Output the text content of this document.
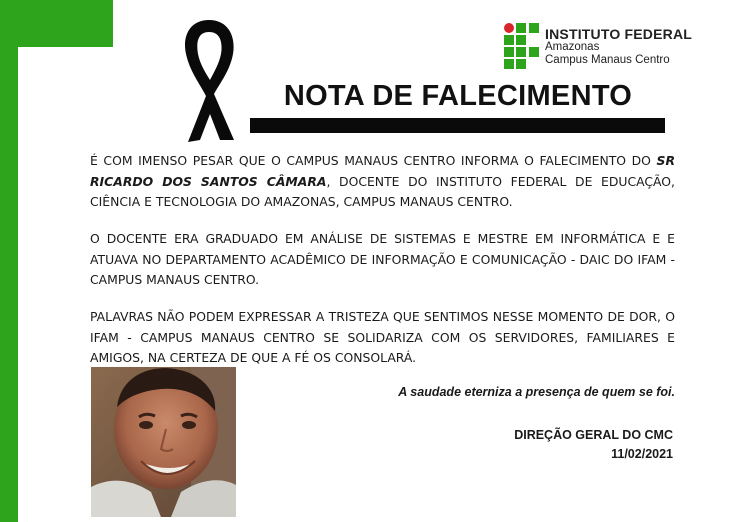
INSTITUTO FEDERAL
Amazonas
Campus Manaus Centro
NOTA DE FALECIMENTO
É COM IMENSO PESAR QUE O CAMPUS MANAUS CENTRO INFORMA O FALECIMENTO DO SR RICARDO DOS SANTOS CÂMARA, DOCENTE DO INSTITUTO FEDERAL DE EDUCAÇÃO, CIÊNCIA E TECNOLOGIA DO AMAZONAS, CAMPUS MANAUS CENTRO.
O DOCENTE ERA GRADUADO EM ANÁLISE DE SISTEMAS E MESTRE EM INFORMÁTICA E E ATUAVA NO DEPARTAMENTO ACADÊMICO DE INFORMAÇÃO E COMUNICAÇÃO - DAIC DO IFAM - CAMPUS MANAUS CENTRO.
PALAVRAS NÃO PODEM EXPRESSAR A TRISTEZA QUE SENTIMOS NESSE MOMENTO DE DOR, O IFAM - CAMPUS MANAUS CENTRO SE SOLIDARIZA COM OS SERVIDORES, FAMILIARES E AMIGOS, NA CERTEZA DE QUE A FÉ OS CONSOLARÁ.
A saudade eterniza a presença de quem se foi.
DIREÇÃO GERAL DO CMC
11/02/2021
